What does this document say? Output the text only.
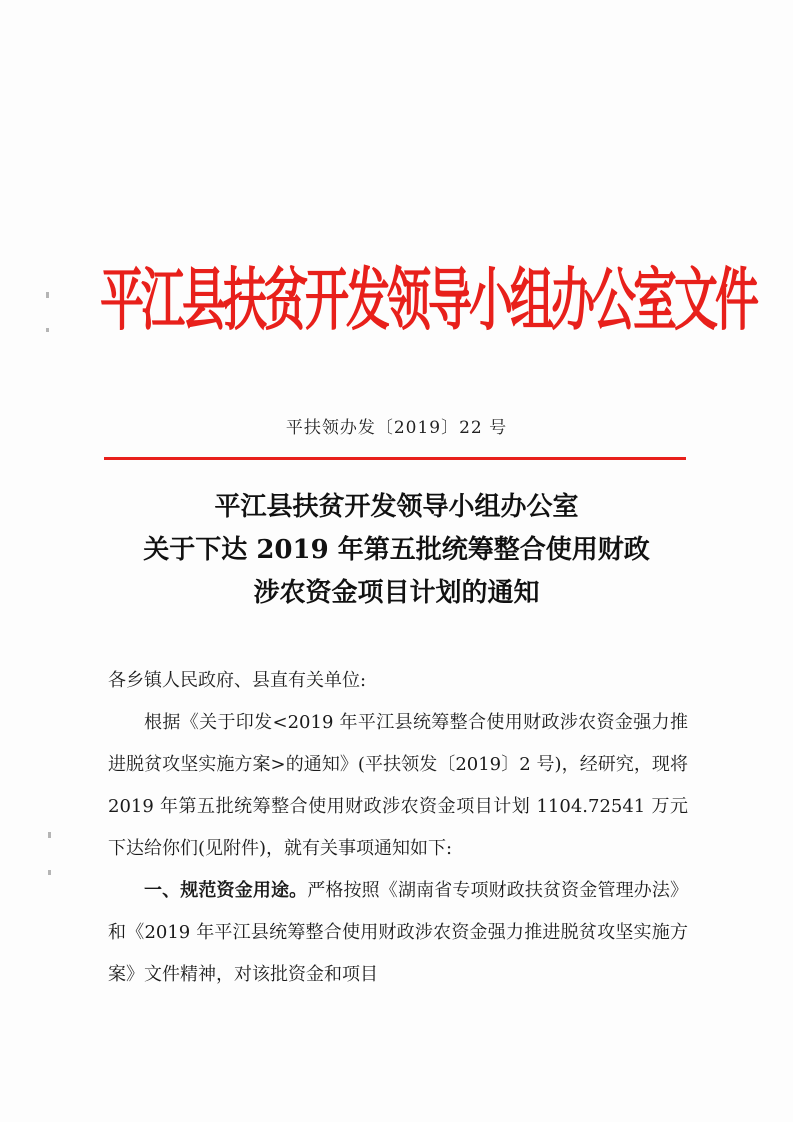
平江县扶贫开发领导小组办公室文件
平扶领办发〔2019〕22 号
平江县扶贫开发领导小组办公室
关于下达 2019 年第五批统筹整合使用财政
涉农资金项目计划的通知
各乡镇人民政府、县直有关单位:
根据《关于印发<2019 年平江县统筹整合使用财政涉农资金强力推进脱贫攻坚实施方案>的通知》(平扶领发〔2019〕2 号)，经研究，现将 2019 年第五批统筹整合使用财政涉农资金项目计划 1104.72541 万元下达给你们(见附件)，就有关事项通知如下:
一、规范资金用途。严格按照《湖南省专项财政扶贫资金管理办法》和《2019 年平江县统筹整合使用财政涉农资金强力推进脱贫攻坚实施方案》文件精神，对该批资金和项目
